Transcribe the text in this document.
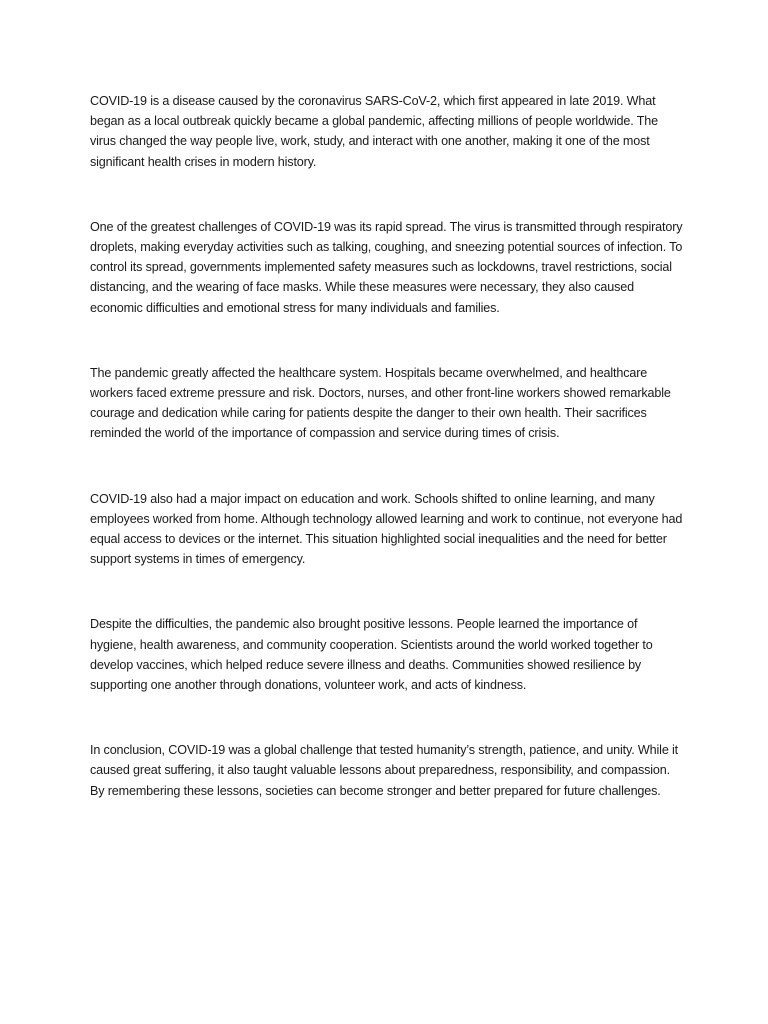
COVID-19 is a disease caused by the coronavirus SARS-CoV-2, which first appeared in late 2019. What began as a local outbreak quickly became a global pandemic, affecting millions of people worldwide. The virus changed the way people live, work, study, and interact with one another, making it one of the most significant health crises in modern history.

One of the greatest challenges of COVID-19 was its rapid spread. The virus is transmitted through respiratory droplets, making everyday activities such as talking, coughing, and sneezing potential sources of infection. To control its spread, governments implemented safety measures such as lockdowns, travel restrictions, social distancing, and the wearing of face masks. While these measures were necessary, they also caused economic difficulties and emotional stress for many individuals and families.

The pandemic greatly affected the healthcare system. Hospitals became overwhelmed, and healthcare workers faced extreme pressure and risk. Doctors, nurses, and other front-line workers showed remarkable courage and dedication while caring for patients despite the danger to their own health. Their sacrifices reminded the world of the importance of compassion and service during times of crisis.

COVID-19 also had a major impact on education and work. Schools shifted to online learning, and many employees worked from home. Although technology allowed learning and work to continue, not everyone had equal access to devices or the internet. This situation highlighted social inequalities and the need for better support systems in times of emergency.

Despite the difficulties, the pandemic also brought positive lessons. People learned the importance of hygiene, health awareness, and community cooperation. Scientists around the world worked together to develop vaccines, which helped reduce severe illness and deaths. Communities showed resilience by supporting one another through donations, volunteer work, and acts of kindness.

In conclusion, COVID-19 was a global challenge that tested humanity’s strength, patience, and unity. While it caused great suffering, it also taught valuable lessons about preparedness, responsibility, and compassion. By remembering these lessons, societies can become stronger and better prepared for future challenges.
